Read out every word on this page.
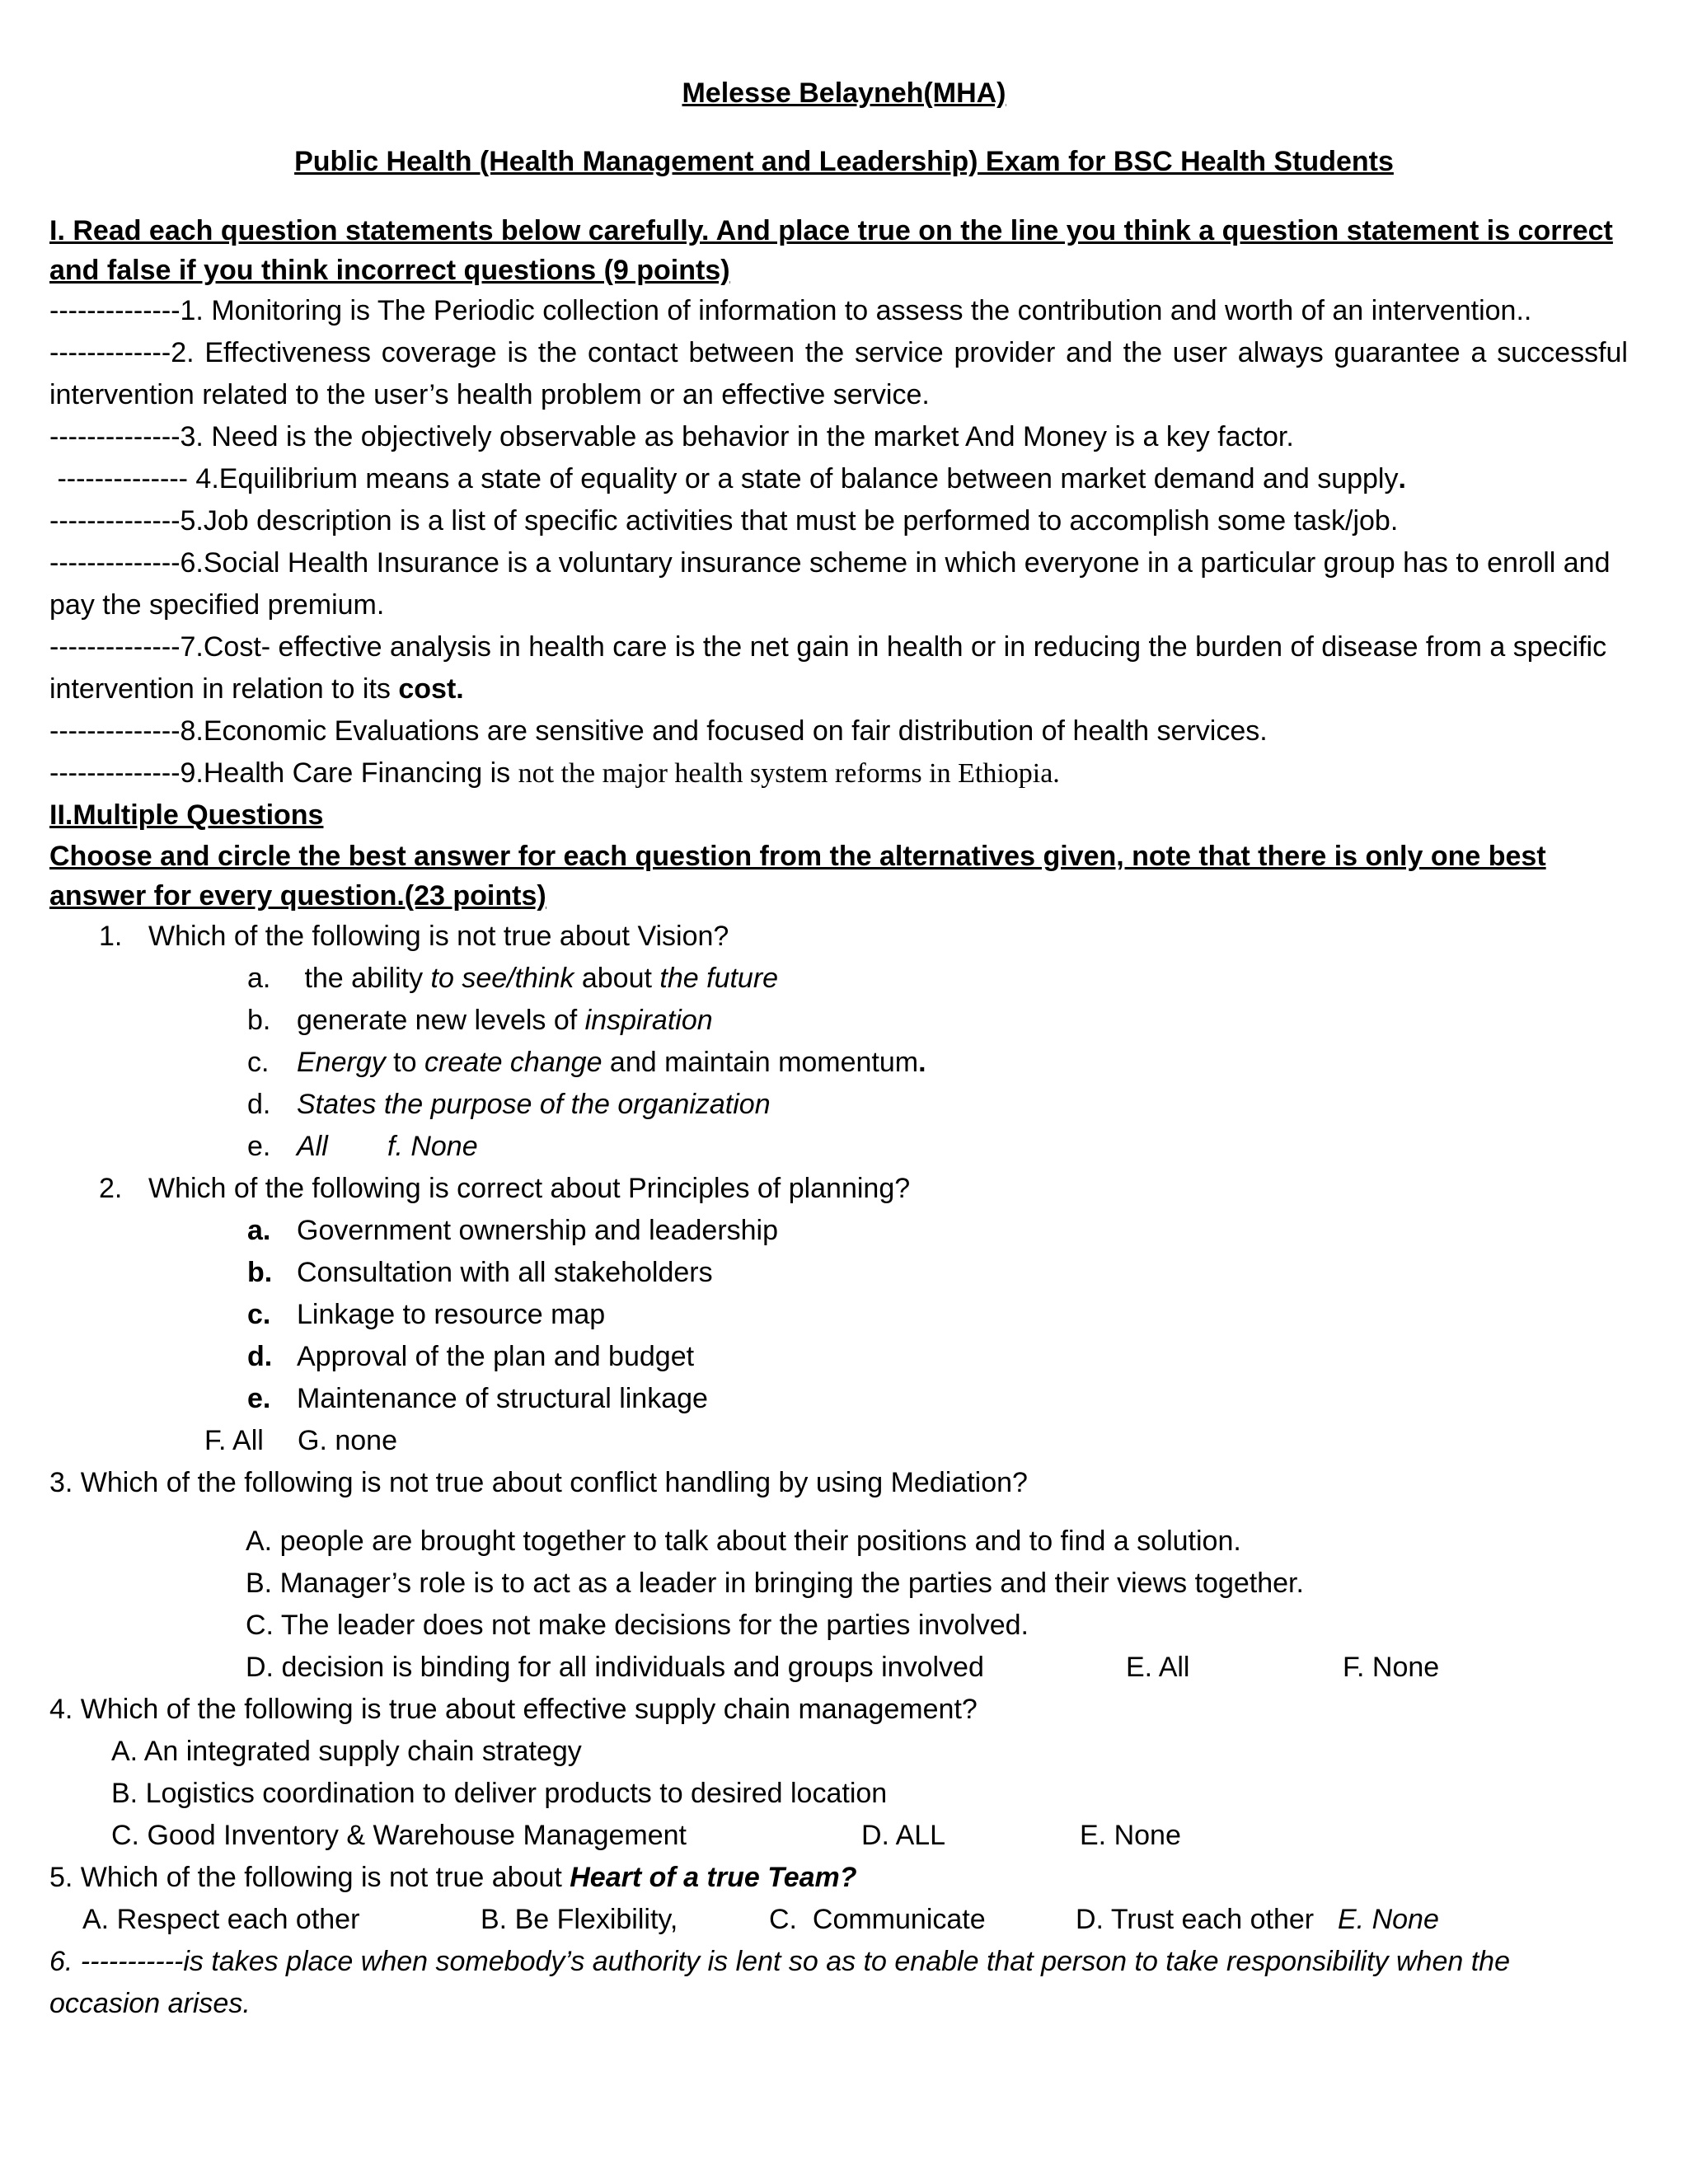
Melesse Belayneh(MHA)
Public Health (Health Management and Leadership) Exam for BSC Health Students
I. Read each question statements below carefully. And place true on the line you think a question statement is correct and false if you think incorrect questions (9 points)
--------------1. Monitoring is The Periodic collection of information to assess the contribution and worth of an intervention..
-------------2. Effectiveness coverage is the contact between the service provider and the user always guarantee a successful intervention related to the user’s health problem or an effective service.
--------------3. Need is the objectively observable as behavior in the market And Money is a key factor.
-------------- 4.Equilibrium means a state of equality or a state of balance between market demand and supply.
--------------5.Job description is a list of specific activities that must be performed to accomplish some task/job.
--------------6.Social Health Insurance is a voluntary insurance scheme in which everyone in a particular group has to enroll and pay the specified premium.
--------------7.Cost- effective analysis in health care is the net gain in health or in reducing the burden of disease from a specific intervention in relation to its cost.
--------------8.Economic Evaluations are sensitive and focused on fair distribution of health services.
--------------9.Health Care Financing is not the major health system reforms in Ethiopia.
II.Multiple Questions
Choose and circle the best answer for each question from the alternatives given, note that there is only one best answer for every question.(23 points)
1. Which of the following is not true about Vision?
a. the ability to see/think about the future
b. generate new levels of inspiration
c. Energy to create change and maintain momentum.
d. States the purpose of the organization
e. All f. None
2. Which of the following is correct about Principles of planning?
a. Government ownership and leadership
b. Consultation with all stakeholders
c. Linkage to resource map
d. Approval of the plan and budget
e. Maintenance of structural linkage
F. All G. none
3. Which of the following is not true about conflict handling by using Mediation?
A. people are brought together to talk about their positions and to find a solution.
B. Manager’s role is to act as a leader in bringing the parties and their views together.
C. The leader does not make decisions for the parties involved.
D. decision is binding for all individuals and groups involved	E. All	F. None
4. Which of the following is true about effective supply chain management?
A. An integrated supply chain strategy
B. Logistics coordination to deliver products to desired location
C. Good Inventory & Warehouse Management	D. ALL	E. None
5. Which of the following is not true about Heart of a true Team?
A. Respect each other	B. Be Flexibility,	C.  Communicate	D. Trust each other E. None
6. -----------is takes place when somebody’s authority is lent so as to enable that person to take responsibility when the occasion arises.
